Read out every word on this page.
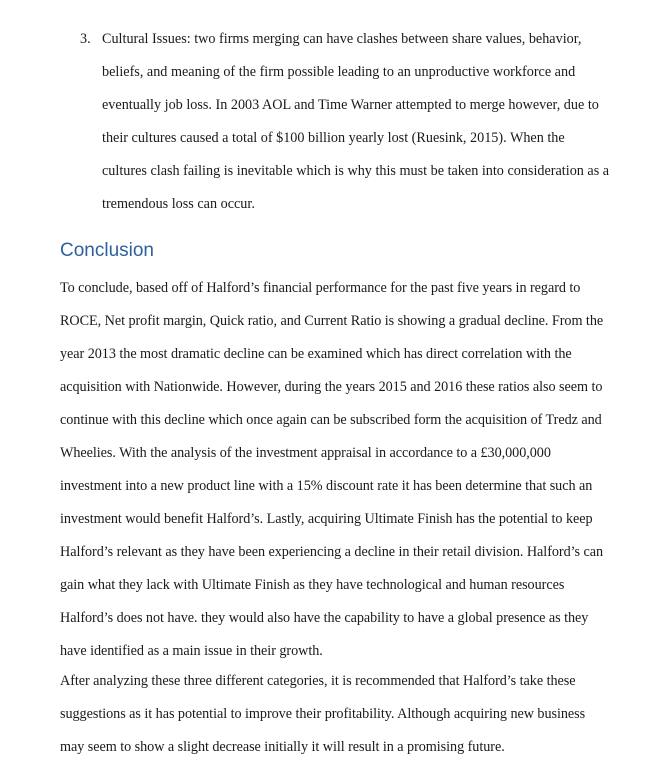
3. Cultural Issues: two firms merging can have clashes between share values, behavior,
beliefs, and meaning of the firm possible leading to an unproductive workforce and
eventually job loss. In 2003 AOL and Time Warner attempted to merge however, due to
their cultures caused a total of $100 billion yearly lost (Ruesink, 2015). When the
cultures clash failing is inevitable which is why this must be taken into consideration as a
tremendous loss can occur.
Conclusion
To conclude, based off of Halford’s financial performance for the past five years in regard to
ROCE, Net profit margin, Quick ratio, and Current Ratio is showing a gradual decline. From the
year 2013 the most dramatic decline can be examined which has direct correlation with the
acquisition with Nationwide. However, during the years 2015 and 2016 these ratios also seem to
continue with this decline which once again can be subscribed form the acquisition of Tredz and
Wheelies. With the analysis of the investment appraisal in accordance to a £30,000,000
investment into a new product line with a 15% discount rate it has been determine that such an
investment would benefit Halford’s. Lastly, acquiring Ultimate Finish has the potential to keep
Halford’s relevant as they have been experiencing a decline in their retail division. Halford’s can
gain what they lack with Ultimate Finish as they have technological and human resources
Halford’s does not have. they would also have the capability to have a global presence as they
have identified as a main issue in their growth.
After analyzing these three different categories, it is recommended that Halford’s take these
suggestions as it has potential to improve their profitability. Although acquiring new business
may seem to show a slight decrease initially it will result in a promising future.
